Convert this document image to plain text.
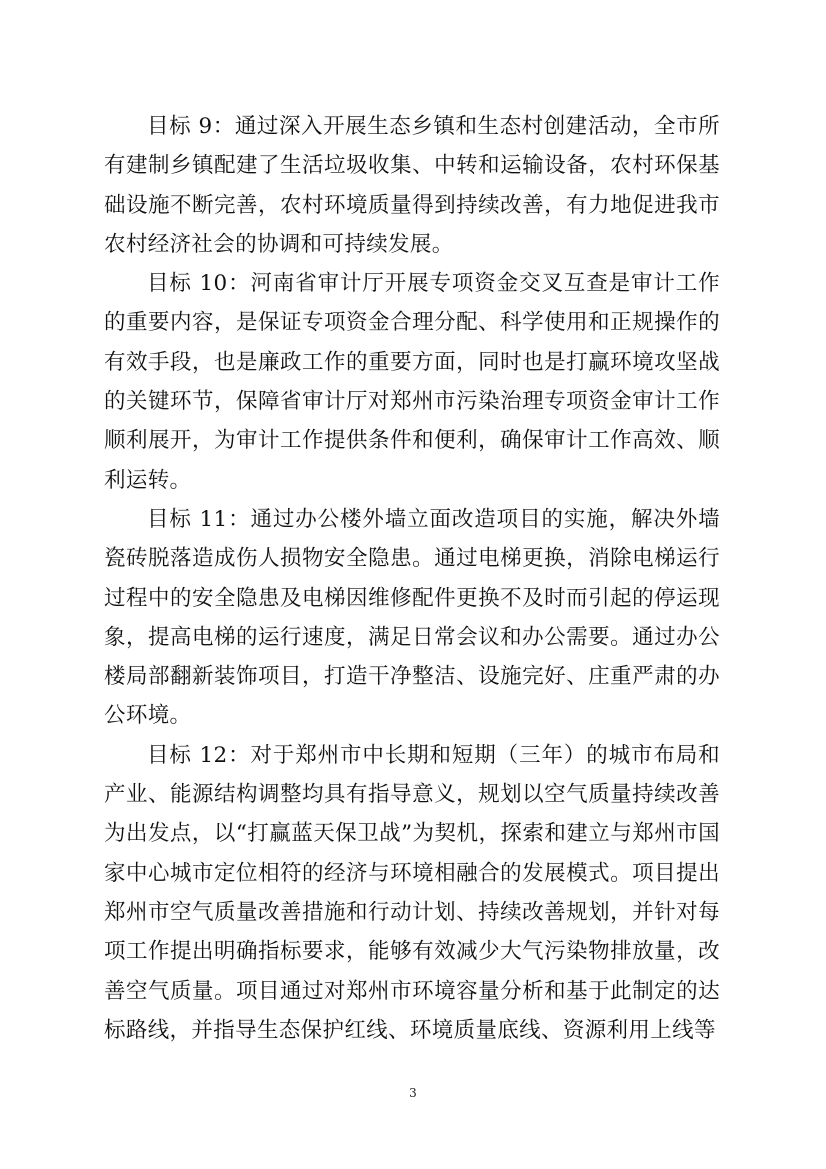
目标 9：通过深入开展生态乡镇和生态村创建活动，全市所有建制乡镇配建了生活垃圾收集、中转和运输设备，农村环保基础设施不断完善，农村环境质量得到持续改善，有力地促进我市农村经济社会的协调和可持续发展。

目标 10：河南省审计厅开展专项资金交叉互查是审计工作的重要内容，是保证专项资金合理分配、科学使用和正规操作的有效手段，也是廉政工作的重要方面，同时也是打赢环境攻坚战的关键环节，保障省审计厅对郑州市污染治理专项资金审计工作顺利展开，为审计工作提供条件和便利，确保审计工作高效、顺利运转。

目标 11：通过办公楼外墙立面改造项目的实施，解决外墙瓷砖脱落造成伤人损物安全隐患。通过电梯更换，消除电梯运行过程中的安全隐患及电梯因维修配件更换不及时而引起的停运现象，提高电梯的运行速度，满足日常会议和办公需要。通过办公楼局部翻新装饰项目，打造干净整洁、设施完好、庄重严肃的办公环境。

目标 12：对于郑州市中长期和短期（三年）的城市布局和产业、能源结构调整均具有指导意义，规划以空气质量持续改善为出发点，以“打赢蓝天保卫战”为契机，探索和建立与郑州市国家中心城市定位相符的经济与环境相融合的发展模式。项目提出郑州市空气质量改善措施和行动计划、持续改善规划，并针对每项工作提出明确指标要求，能够有效减少大气污染物排放量，改善空气质量。项目通过对郑州市环境容量分析和基于此制定的达标路线，并指导生态保护红线、环境质量底线、资源利用上线等

3
